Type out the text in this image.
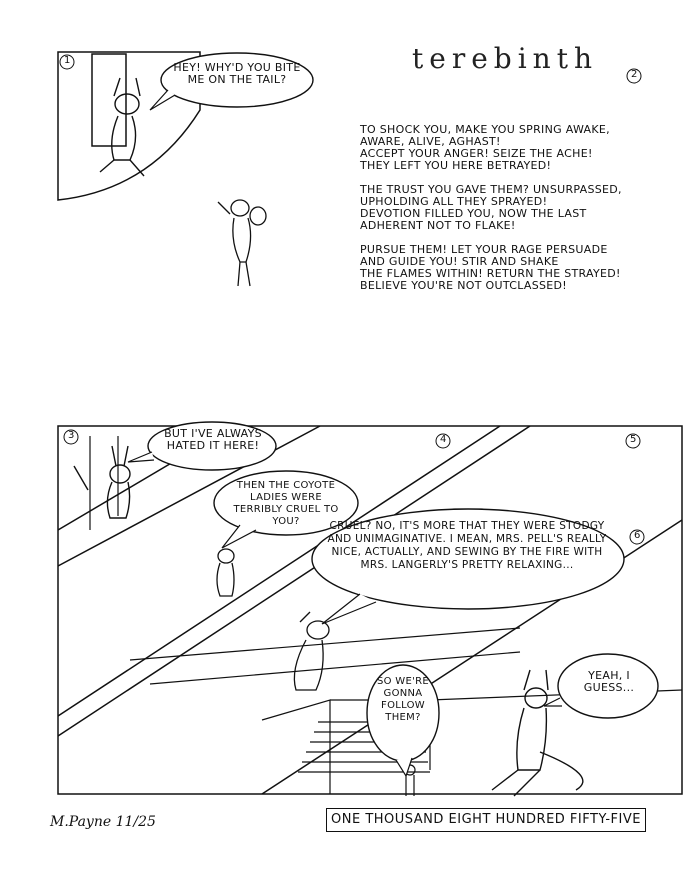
terebinth
1
2
3	4	5
6
HEY! WHY'D YOU BITE ME ON THE TAIL?
BUT I'VE ALWAYS HATED IT HERE!
THEN THE COYOTE LADIES WERE TERRIBLY CRUEL TO YOU?	CRUEL? NO, IT'S MORE THAT THEY WERE STODGY AND UNIMAGINATIVE. I MEAN, MRS. PELL'S REALLY NICE, ACTUALLY, AND SEWING BY THE FIRE WITH MRS. LANGERLY'S PRETTY RELAXING...
SO WE'RE GONNA FOLLOW THEM?
YEAH, I GUESS...

TO SHOCK YOU, MAKE YOU SPRING AWAKE,
AWARE, ALIVE, AGHAST!
ACCEPT YOUR ANGER! SEIZE THE ACHE!
THEY LEFT YOU HERE BETRAYED!

THE TRUST YOU GAVE THEM? UNSURPASSED,
UPHOLDING ALL THEY SPRAYED!
DEVOTION FILLED YOU, NOW THE LAST
ADHERENT NOT TO FLAKE!

PURSUE THEM! LET YOUR RAGE PERSUADE
AND GUIDE YOU! STIR AND SHAKE
THE FLAMES WITHIN! RETURN THE STRAYED!
BELIEVE YOU'RE NOT OUTCLASSED!

ONE THOUSAND EIGHT HUNDRED FIFTY-FIVE
M.Payne 11/25
